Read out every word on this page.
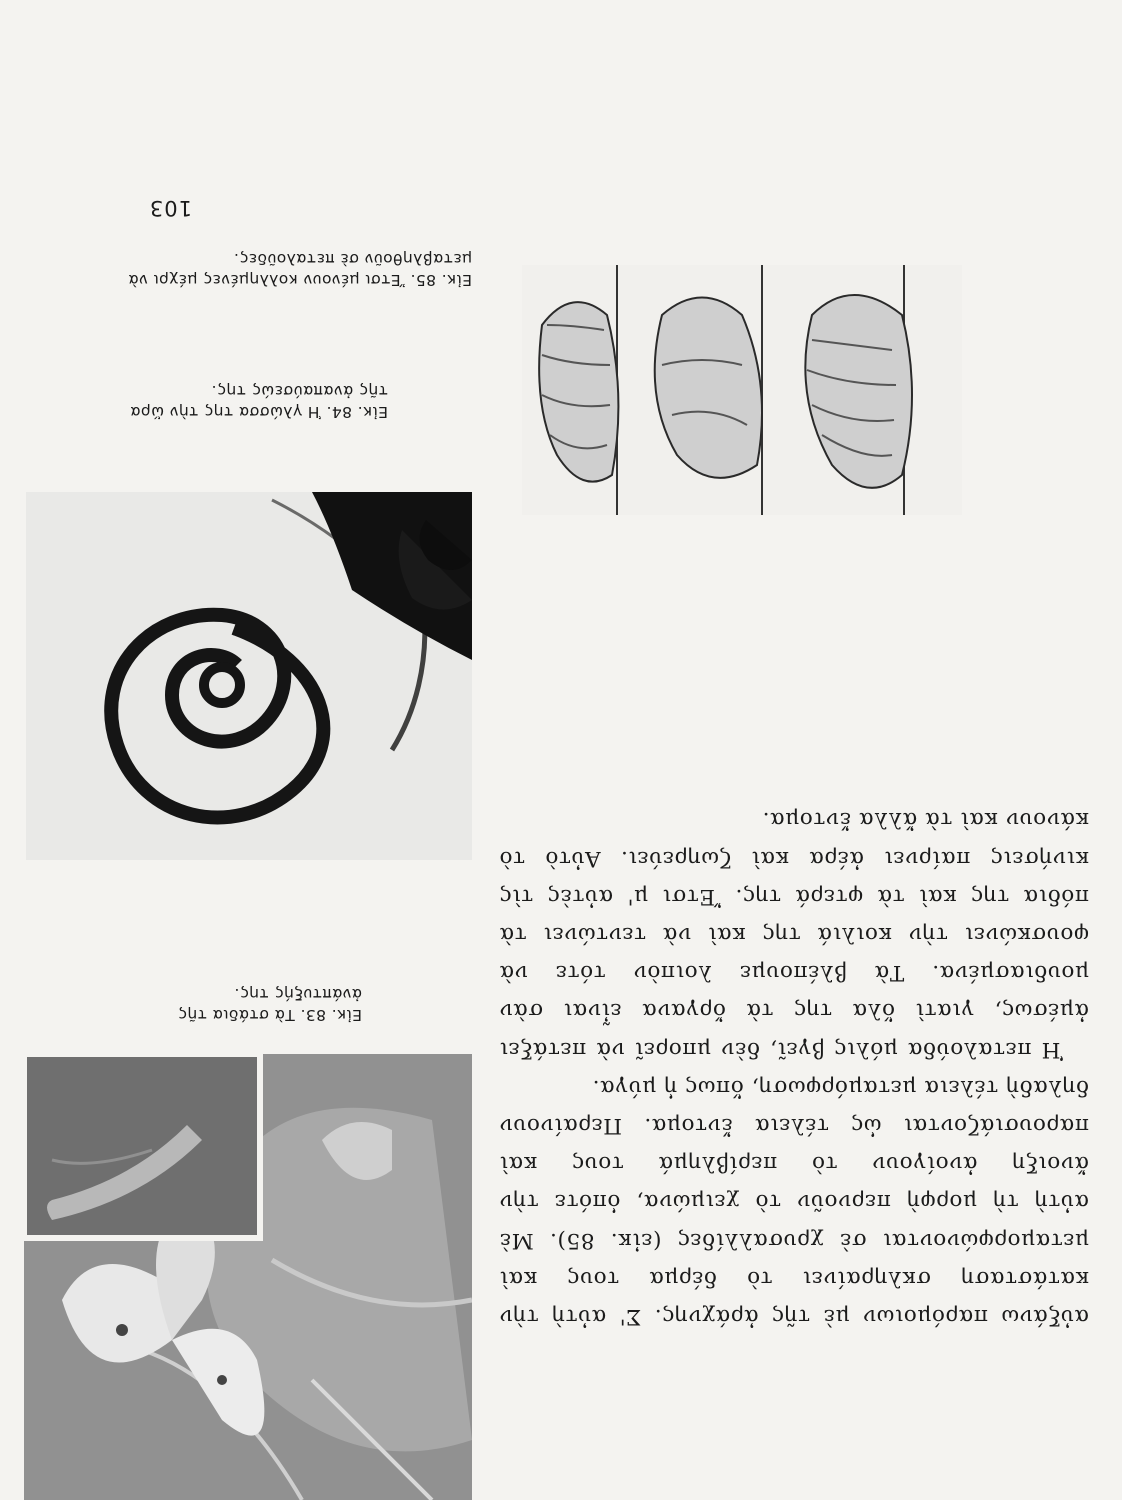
Εἰκ. 83. Τὰ στάδια τῆς ἀνάπτυξής της.

αὐξάνω παρόμοιων μὲ τῆς ἀράχνης. Σ' αὐτὴ τὴν κατάσταση σκληραίνει τὸ δέρμα τους καὶ μεταμορφώνονται σὲ χρυσαλλίδες (εἰκ. 85). Μὲ αὐτὴ τὴ μορφὴ περνοῦν τὸ χειμώνα, ὁπότε τὴν ἄνοιξη ἀνοίγουν τὸ περίβλημά τους καὶ παρουσιάζονται ὡς τέλεια ἔντομα. Περαίνουν δηλαδὴ τέλεια μεταμόρφωση, ὅπως ἡ μύγα.

Ἡ πεταλούδα μόλις βγεῖ, δὲν μπορεῖ νὰ πετάξει ἀμέσως, γιατὶ ὅλα της τὰ ὄργανα εἶναι σὰν μουδιασμένα. Τὰ βλέπουμε λοιπὸν τότε νὰ φουσκώνει τὴν κοιλιά της καὶ νὰ τεντώνει τὰ πόδια της καὶ τὰ φτερά της. Ἔτσι μ' αὐτὲς τὶς κινήσεις παίρνει ἀέρα καὶ ζωηρεύει. Αὐτὸ τὸ κάνουν καὶ τὰ ἄλλα ἔντομα.

Εἰκ. 84. Ἡ γλώσσα της τὴν ὥρα τῆς ἀναπαύσεώς της.
Εἰκ. 85. Ἔτσι μένουν κολλημένες μέχρι νὰ μεταβληθοῦν σὲ πεταλοῦδες.
103
